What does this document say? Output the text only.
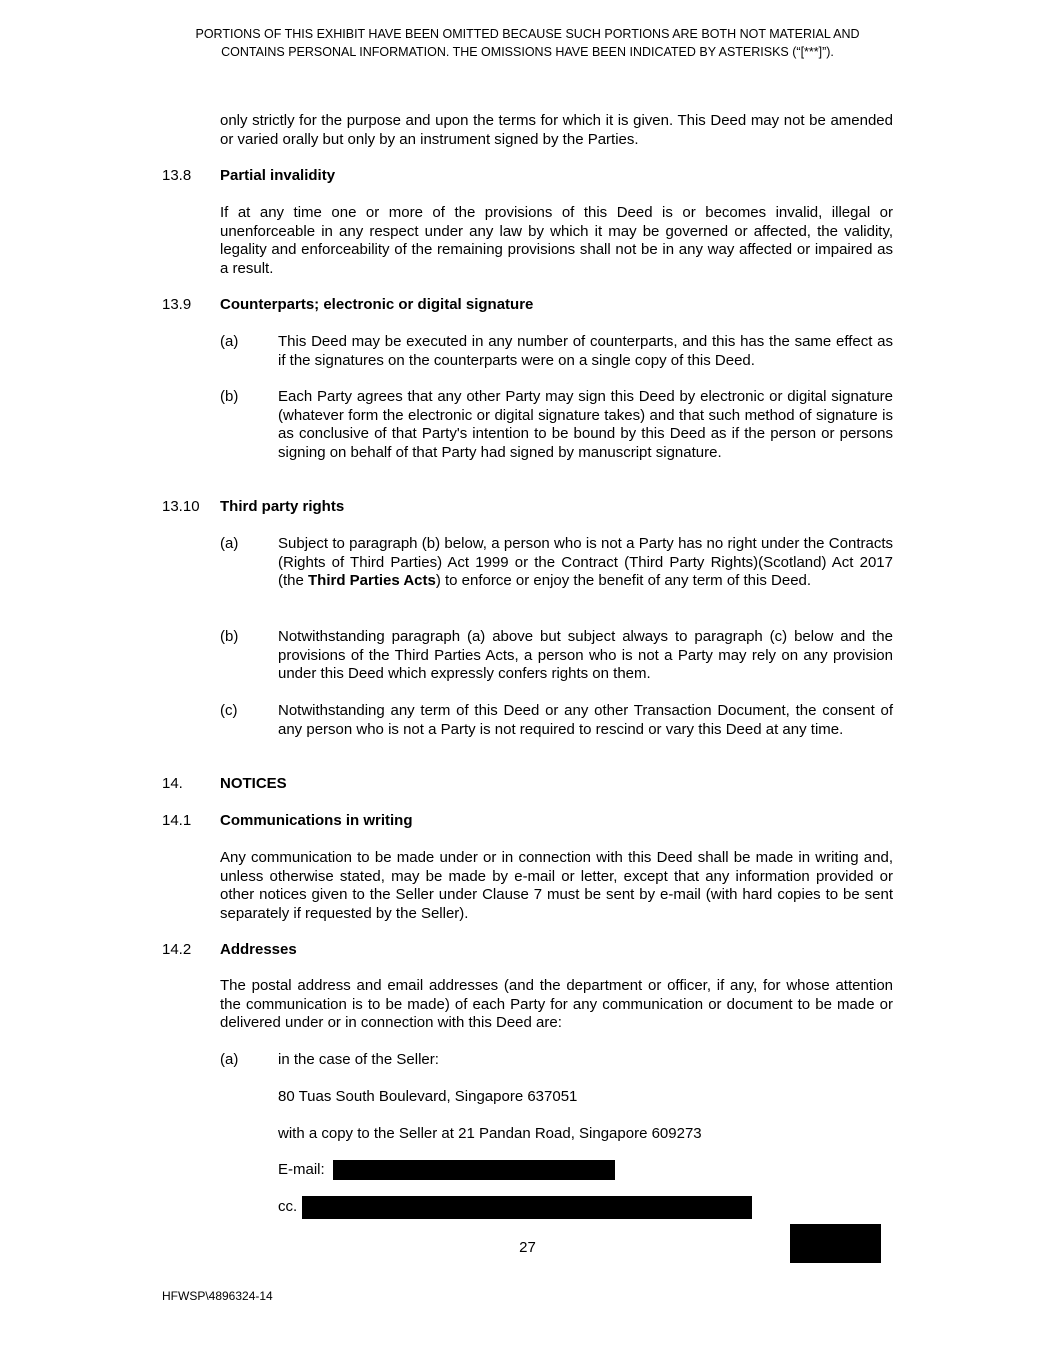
PORTIONS OF THIS EXHIBIT HAVE BEEN OMITTED BECAUSE SUCH PORTIONS ARE BOTH NOT MATERIAL AND
CONTAINS PERSONAL INFORMATION. THE OMISSIONS HAVE BEEN INDICATED BY ASTERISKS (“[***]”).
only strictly for the purpose and upon the terms for which it is given. This Deed may not be amended or varied orally but only by an instrument signed by the Parties.
13.8 Partial invalidity
If at any time one or more of the provisions of this Deed is or becomes invalid, illegal or unenforceable in any respect under any law by which it may be governed or affected, the validity, legality and enforceability of the remaining provisions shall not be in any way affected or impaired as a result.
13.9 Counterparts; electronic or digital signature
(a)	This Deed may be executed in any number of counterparts, and this has the same effect as if the signatures on the counterparts were on a single copy of this Deed.
(b)	Each Party agrees that any other Party may sign this Deed by electronic or digital signature (whatever form the electronic or digital signature takes) and that such method of signature is as conclusive of that Party's intention to be bound by this Deed as if the person or persons signing on behalf of that Party had signed by manuscript signature.
13.10 Third party rights
(a)	Subject to paragraph (b) below, a person who is not a Party has no right under the Contracts (Rights of Third Parties) Act 1999 or the Contract (Third Party Rights)(Scotland) Act 2017 (the Third Parties Acts) to enforce or enjoy the benefit of any term of this Deed.
(b)	Notwithstanding paragraph (a) above but subject always to paragraph (c) below and the provisions of the Third Parties Acts, a person who is not a Party may rely on any provision under this Deed which expressly confers rights on them.
(c)	Notwithstanding any term of this Deed or any other Transaction Document, the consent of any person who is not a Party is not required to rescind or vary this Deed at any time.
14. NOTICES
14.1 Communications in writing
Any communication to be made under or in connection with this Deed shall be made in writing and, unless otherwise stated, may be made by e-mail or letter, except that any information provided or other notices given to the Seller under Clause 7 must be sent by e-mail (with hard copies to be sent separately if requested by the Seller).
14.2 Addresses
The postal address and email addresses (and the department or officer, if any, for whose attention the communication is to be made) of each Party for any communication or document to be made or delivered under or in connection with this Deed are:
(a)	in the case of the Seller:
80 Tuas South Boulevard, Singapore 637051
with a copy to the Seller at 21 Pandan Road, Singapore 609273
E-mail:
cc.
27
HFWSP\4896324-14
